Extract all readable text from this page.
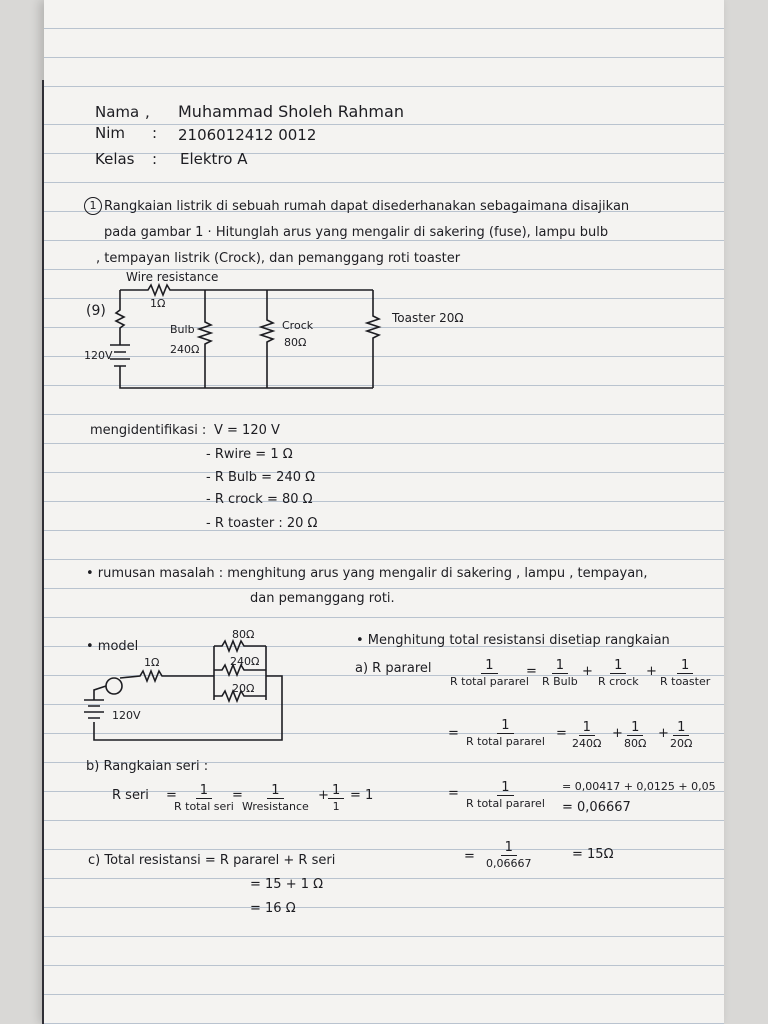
Nama , Muhammad Sholeh Rahman
Nim : 2106012412 0012
Kelas : Elektro A
1 Rangkaian listrik di sebuah rumah dapat disederhanakan sebagaimana disajikan
pada gambar 1 · Hitunglah arus yang mengalir di sakering (fuse), lampu bulb
, tempayan listrik (Crock), dan pemanggang roti toaster
Wire resistance
1Ω
(9)
120V
Bulb
240Ω
Crock
80Ω
Toaster 20Ω
mengidentifikasi : V = 120 V
- Rwire = 1 Ω
- R Bulb = 240 Ω
- R crock = 80 Ω
- R toaster : 20 Ω
• rumusan masalah : menghitung arus yang mengalir di sakering , lampu , tempayan,
dan pemanggang roti.
• model
1Ω
80Ω
240Ω
20Ω
120V
• Menghitung total resistansi disetiap rangkaian
a) R pararel	1
R total pararel
=	1
R Bulb
+	1
R crock
+	1
R toaster
=
1
R total pararel
=	1
240Ω
+ 1
80Ω
+ 1
20Ω
=	1
R total pararel
= 0,00417 + 0,0125 + 0,05
= 0,06667
=
1
0,06667
= 15Ω
b) Rangkaian seri :
R seri =	1
R total seri
=	1
Wresistance
+ 1
1
= 1
c) Total resistansi = R pararel + R seri
= 15 + 1 Ω
= 16 Ω
